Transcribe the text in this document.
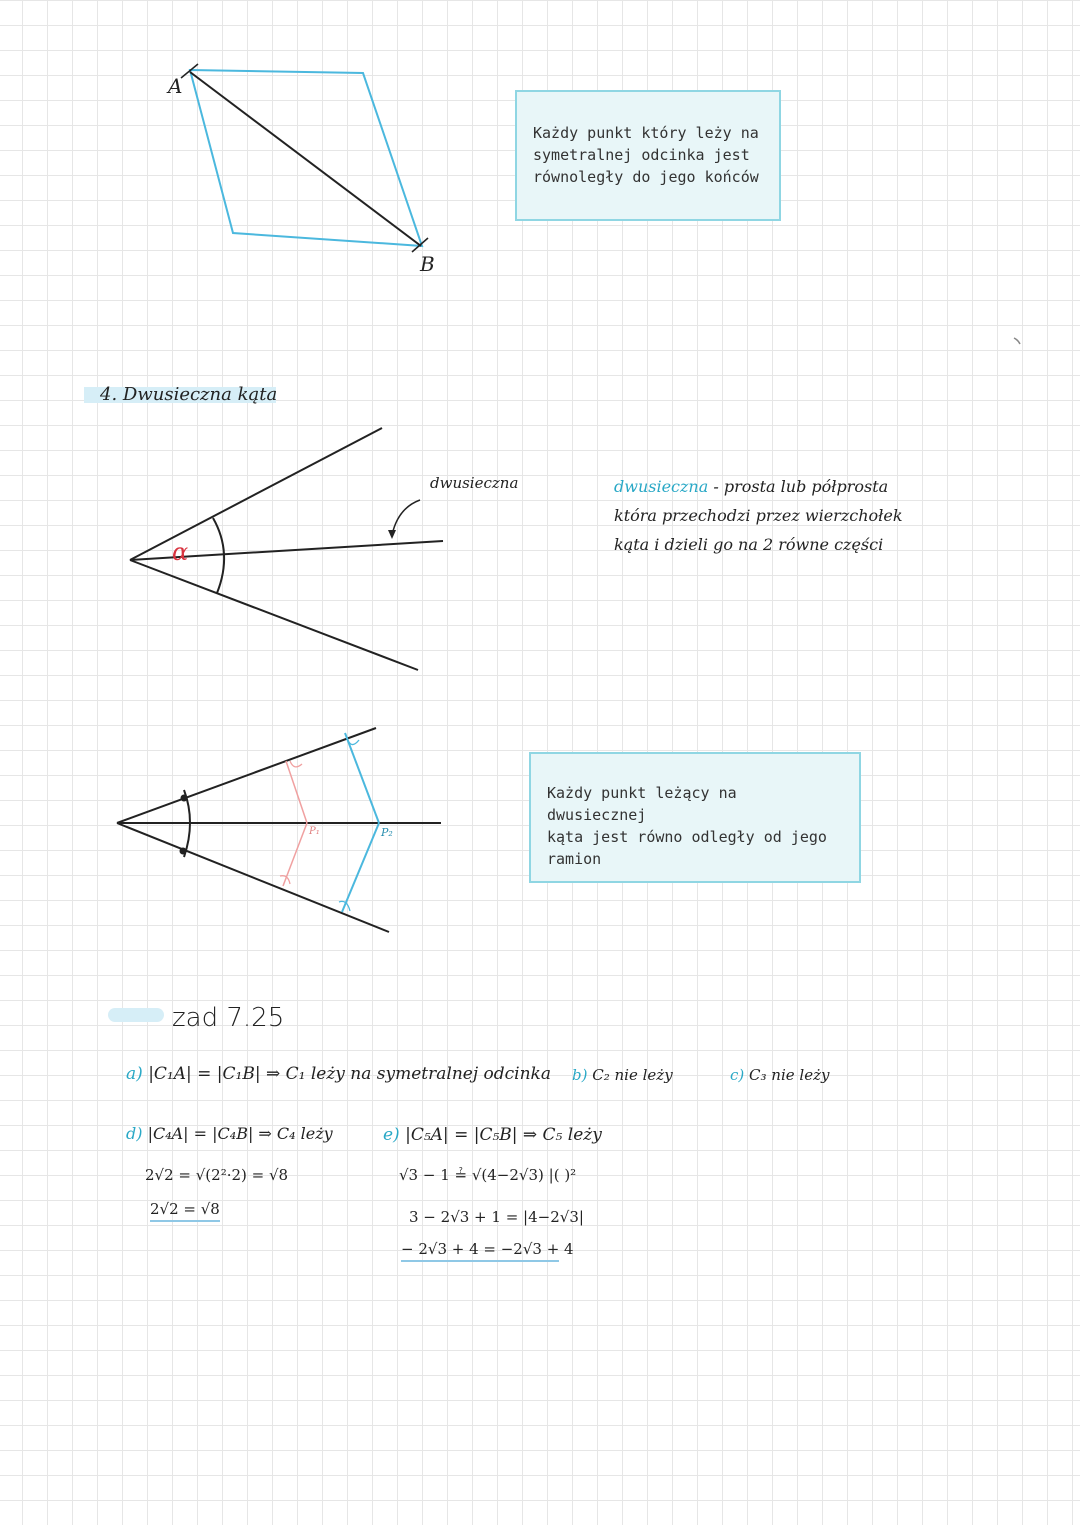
A
B
Każdy punkt który leży na
symetralnej odcinka jest
równoległy do jego końców
4. Dwusieczna kąta
α
dwusieczna	dwusieczna - prosta lub półprosta
która przechodzi przez wierzchołek
kąta i dzieli go na 2 równe części
P₁	P₂
Każdy punkt leżący na dwusiecznej
kąta jest równo odległy od jego
ramion
zad 7.25
a) |C₁A| = |C₁B| ⇒ C₁ leży na symetralnej odcinka b) C₂ nie leży	c) C₃ nie leży
d) |C₄A| = |C₄B| ⇒ C₄ leży
2√2 = √(2²·2) = √8
2√2 = √8
e) |C₅A| = |C₅B| ⇒ C₅ leży
√3 − 1 ≟ √(4−2√3) |( )²
3 − 2√3 + 1 = |4−2√3|
− 2√3 + 4 = −2√3 + 4
